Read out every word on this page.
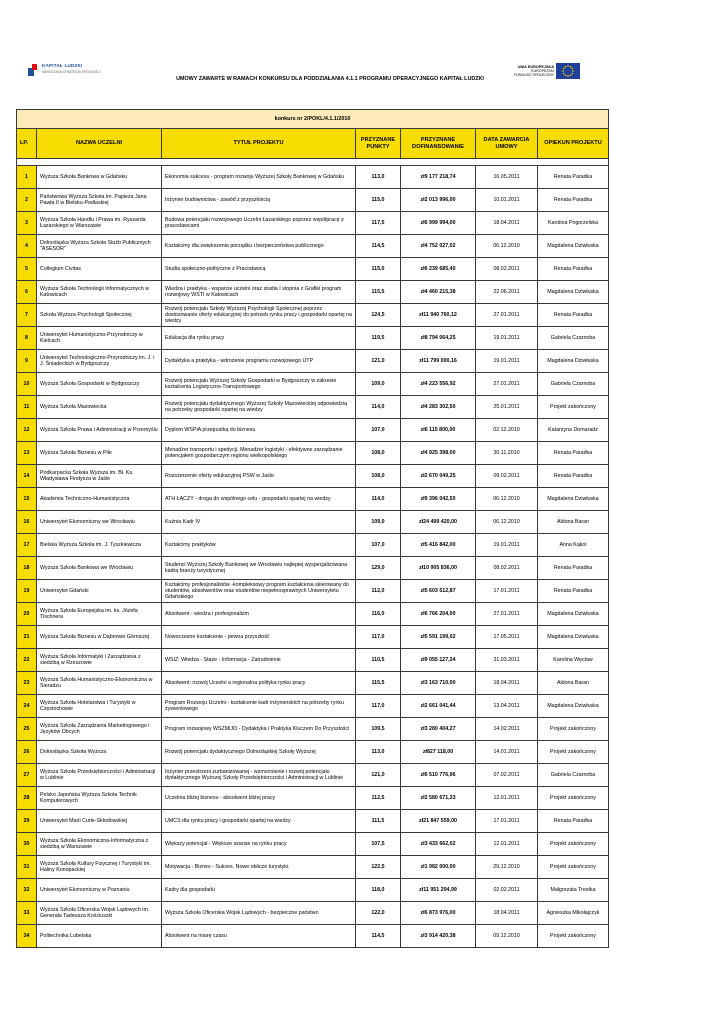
KAPITAŁ LUDZKI
NARODOWA STRATEGIA SPÓJNOŚCI
UMOWY ZAWARTE W RAMACH KONKURSU DLA PODDZIAŁANIA 4.1.1 PROGRAMU OPERACYJNEGO KAPITAŁ LUDZKI
UNIA EUROPEJSKA
EUROPEJSKI
FUNDUSZ SPOŁECZNY
konkurs nr 2/POKL/4.1.1/2010						
LP.	NAZWA UCZELNI	TYTUŁ PROJEKTU	PRZYZNANE PUNKTY	PRZYZNANE DOFINANSOWANIE	DATA ZAWARCIA UMOWY	OPIEKUN PROJEKTU

1	Wyższa Szkoła Bankowa w Gdańsku	Ekonomia sukcesu - program rozwoju Wyższej Szkoły Bankowej w Gdańsku	113,0	zł9 177 218,74	16.05.2011	Renata Paradka
2	Państwowa Wyższa Szkoła im. Papieża Jana Pawła II w Bielsku-Podlaskiej	Inżynier budownictwa - zawód z przyszłością	115,0	zł2 013 996,00	10.01.2011	Renata Paradka
3	Wyższa Szkoła Handlu i Prawa im. Ryszarda Łazarskiego w Warszawie	Budowa potencjału rozwojowego Uczelni Łazarskiego poprzez współpracę z pracodawcami	117,5	zł6 999 994,00	18.04.2011	Karolina Pogorzelska
4	Dolnośląska Wyższa Szkoła Służb Publicznych "ASESOR"	Kształcimy dla zwiększenia porządku i bezpieczeństwa publicznego	114,5	zł4 752 027,02	06.12.2010	Magdalena Dziwłuska
5	Collegium Civitas	Studia społeczno-polityczne z Pracodawcą	115,0	zł6 239 685,40	08.02.2011	Renata Paradka
6	Wyższa Szkoła Technologii Informatycznych w Katowicach	Wiedza i praktyka - wsparcie uczelni oraz studia I stopnia z Grafiki program rozwojowy WSTI w Katowicach	115,5	zł4 460 215,38	22.06.2011	Magdalena Dziwłuska
7	Szkoła Wyższa Psychologii Społecznej	Rozwój potencjału Szkoły Wyższej Psychologii Społecznej poprzez dostosowanie oferty edukacyjnej do potrzeb rynku pracy i gospodarki opartej na wiedzy	124,5	zł11 940 760,12	27.01.2011	Renata Paradka
8	Uniwersytet Humanistyczno-Przyrodniczy w Kielcach	Edukacja dla rynku pracy	119,5	zł8 794 064,25	19.01.2011	Gabriela Czarnoba
9	Uniwersytet Technologiczno-Przyrodniczy im. J. i J. Śniadeckich w Bydgoszczy	Dydaktyka a praktyka - wdrożenie programu rozwojowego UTP	121,0	zł11 799 000,16	19.01.2011	Magdalena Dziwłuska
10	Wyższa Szkoła Gospodarki w Bydgoszczy	Rozwój potencjału Wyższej Szkoły Gospodarki w Bydgoszczy w zakresie kształcenia Logistyczno-Transportowego	109,0	zł4 223 556,92	27.01.2011	Gabriela Czarnoba
11	Wyższa Szkoła Mazowiecka	Rozwój potencjału dydaktycznego Wyższej Szkoły Mazowieckiej odpowiedzią na potrzeby gospodarki opartej na wiedzy	114,0	zł4 283 302,50	25.01.2011	Projekt zakończony
12	Wyższa Szkoła Prawa i Administracji w Przemyślu	Dyplom WSPiA przepustką do biznesu	107,0	zł6 115 800,00	02.12.2010	Katarzyna Domaradz
13	Wyższa Szkoła Biznesu w Pile	Menadżer transportu i spedycji, Menadżer logistyki - efektywne zarządzanie potencjałem gospodarczym regionu wielkopolskiego	108,0	zł4 925 398,00	30.11.2010	Renata Paradka
14	Podkarpacka Szkoła Wyższa im. Bł. Ks. Władysława Findysza w Jaśle	Rozszerzenie oferty edukacyjnej PSW w Jaśle	108,0	zł2 670 049,25	09.02.2011	Renata Paradka
15	Akademia Techniczno-Humanistyczna	ATH ŁĄCZY - droga do wspólnego celu - gospodarki opartej na wiedzy	114,0	zł9 396 042,50	06.12.2010	Magdalena Dziwłuska
16	Uniwersytet Ekonomiczny we Wrocławiu	Kuźnia Kadr IV	109,0	zł24 499 420,00	06.12.2010	Aldona Baran
17	Bielska Wyższa Szkoła im. J. Tyszkiewicza	Kształcimy praktyków	107,0	zł5 416 842,00	19.01.2011	Anna Kąkol
18	Wyższa Szkoła Bankowa we Wrocławiu	Studenci Wyższej Szkoły Bankowej we Wrocławiu najlepiej wyspecjalizowana kadrą branży turystycznej	129,0	zł10 905 836,00	08.02.2011	Renata Paradka
19	Uniwersytet Gdański	Kształcimy profesjonalistów -kompleksowy program kształcenia skierowany do studentów, absolwentów oraz studentów niepełnosprawnych Uniwersytetu Gdańskiego	112,0	zł5 603 512,87	17.01.2011	Renata Paradka
20	Wyższa Szkoła Europejska im. ks. Józefa Tischnera	Absolwent - wiedza i profesjonalizm	116,0	zł6 766 204,00	27.01.2011	Magdalena Dziwłuska
21	Wyższa Szkoła Biznesu w Dąbrowie Górniczej	Nowoczesne kształcenie - pewna przyszłość	117,0	zł5 591 199,02	17.05.2011	Magdalena Dziwłuska
22	Wyższa Szkoła Informatyki i Zarządzania z siedzibą w Rzeszowie	WSIZ: Wiedza - Staże - Informacja - Zatrudnienie	110,5	zł9 055 127,24	31.03.2011	Karolina Węcław
23	Wyższa Szkoła Humanistyczno-Ekonomiczna w Sieradzu	Absolwent: rozwój Uczelni a regionalna polityka rynku pracy	115,5	zł3 163 710,00	18.04.2011	Aldona Baran
24	Wyższa Szkoła Hotelarstwa i Turystyki w Częstochowie	Program Rozwoju Uczelni - kształcenie kadr inżynierskich na potrzeby rynku żywieniowego	117,0	zł2 661 041,44	13.04.2011	Magdalena Dziwłuska
25	Wyższa Szkoła Zarządzania Marketingowego i Języków Obcych	Program rozwojowy WSZMiJO - Dydaktyka i Praktyka Kluczem Do Przyszłości	109,5	zł3 280 404,27	14.02.2011	Projekt zakończony
26	Dolnośląska Szkoła Wyższa	Rozwój potencjału dydaktycznego Dolnośląskiej Szkoły Wyższej	113,0	zł827 118,00	14.01.2011	Projekt zakończony
27	Wyższa Szkoła Przedsiębiorczości i Administracji w Lublinie	Inżynier przestrzeni zurbanizowanej - wzmocnienie i rozwój potencjału dydaktycznego Wyższej Szkoły Przedsiębiorczości i Administracji w Lublinie	121,0	zł6 510 776,96	07.02.2011	Gabriela Czarnoba
28	Polsko Japońska Wyższa Szkoła Technik Komputerowych	Uczelnia bliżej biznesu - absolwent bliżej pracy	112,5	zł2 580 671,33	12.01.2011	Projekt zakończony
29	Uniwersytet Marii Curie-Skłodowskiej	UMCS dla rynku pracy i gospodarki opartej na wiedzy	111,5	zł21 847 559,00	17.01.2011	Renata Paradka
30	Wyższa Szkoła Ekonomiczna-Informatyczna z siedzibą w Warszawie	Większy potencjał - Większe szanse na rynku pracy	107,5	zł3 433 662,02	12.01.2011	Projekt zakończony
31	Wyższa Szkoła Kultury Fizycznej i Turystyki im. Haliny Konopackiej	Motywacja - Biznes - Sukces. Nowe oblicze turystyki.	122,5	zł1 982 000,00	29.12.2010	Projekt zakończony
32	Uniwersytet Ekonomiczny w Poznaniu	Kadry dla gospodarki	118,0	zł11 951 204,99	02.02.2011	Małgorzata Trestka
33	Wyższa Szkoła Oficerska Wojsk Lądowych im. Generała Tadeusza Kościuszki	Wyższa Szkoła Oficerska Wojsk Lądowych - bezpieczne państwo	122,0	zł6 873 976,00	18.04.2011	Agnieszka Mikołajczyk
34	Politechnika Lubelska	Absolwent na miarę czasu	114,5	zł3 914 420,38	09.12.2010	Projekt zakończony
